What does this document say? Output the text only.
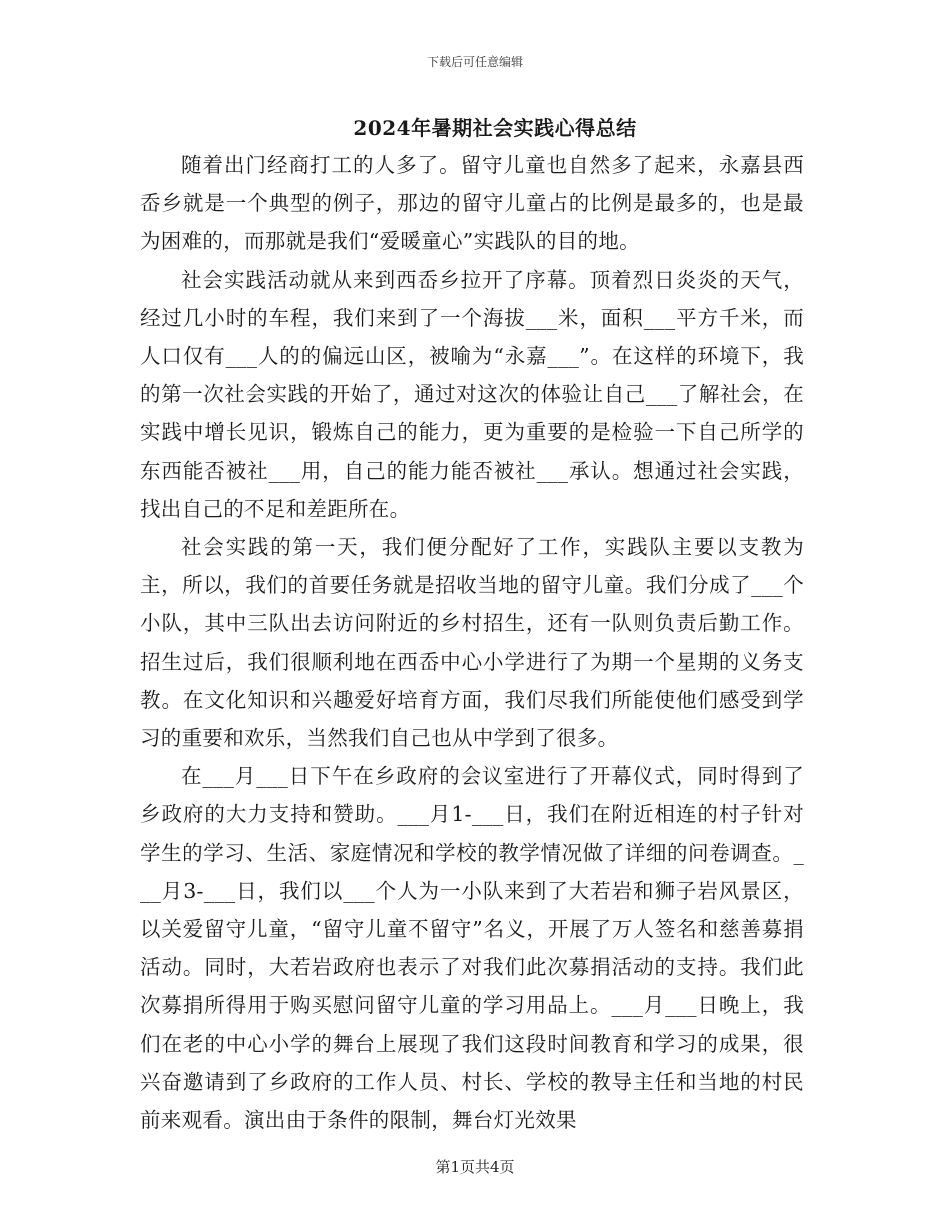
下载后可任意编辑
2024年暑期社会实践心得总结

随着出门经商打工的人多了。留守儿童也自然多了起来，永嘉县西岙乡就是一个典型的例子，那边的留守儿童占的比例是最多的，也是最为困难的，而那就是我们“爱暖童心”实践队的目的地。

社会实践活动就从来到西岙乡拉开了序幕。顶着烈日炎炎的天气，经过几小时的车程，我们来到了一个海拔___米，面积___平方千米，而人口仅有___人的的偏远山区，被喻为“永嘉___”。在这样的环境下，我的第一次社会实践的开始了，通过对这次的体验让自己___了解社会，在实践中增长见识，锻炼自己的能力，更为重要的是检验一下自己所学的东西能否被社___用，自己的能力能否被社___承认。想通过社会实践，找出自己的不足和差距所在。

社会实践的第一天，我们便分配好了工作，实践队主要以支教为主，所以，我们的首要任务就是招收当地的留守儿童。我们分成了___个小队，其中三队出去访问附近的乡村招生，还有一队则负责后勤工作。招生过后，我们很顺利地在西岙中心小学进行了为期一个星期的义务支教。在文化知识和兴趣爱好培育方面，我们尽我们所能使他们感受到学习的重要和欢乐，当然我们自己也从中学到了很多。

在___月___日下午在乡政府的会议室进行了开幕仪式，同时得到了乡政府的大力支持和赞助。___月1-___日，我们在附近相连的村子针对学生的学习、生活、家庭情况和学校的教学情况做了详细的问卷调查。___月3-___日，我们以___个人为一小队来到了大若岩和狮子岩风景区，以关爱留守儿童，“留守儿童不留守”名义，开展了万人签名和慈善募捐活动。同时，大若岩政府也表示了对我们此次募捐活动的支持。我们此次募捐所得用于购买慰问留守儿童的学习用品上。___月___日晚上，我们在老的中心小学的舞台上展现了我们这段时间教育和学习的成果，很兴奋邀请到了乡政府的工作人员、村长、学校的教导主任和当地的村民前来观看。演出由于条件的限制，舞台灯光效果

第1页共4页
